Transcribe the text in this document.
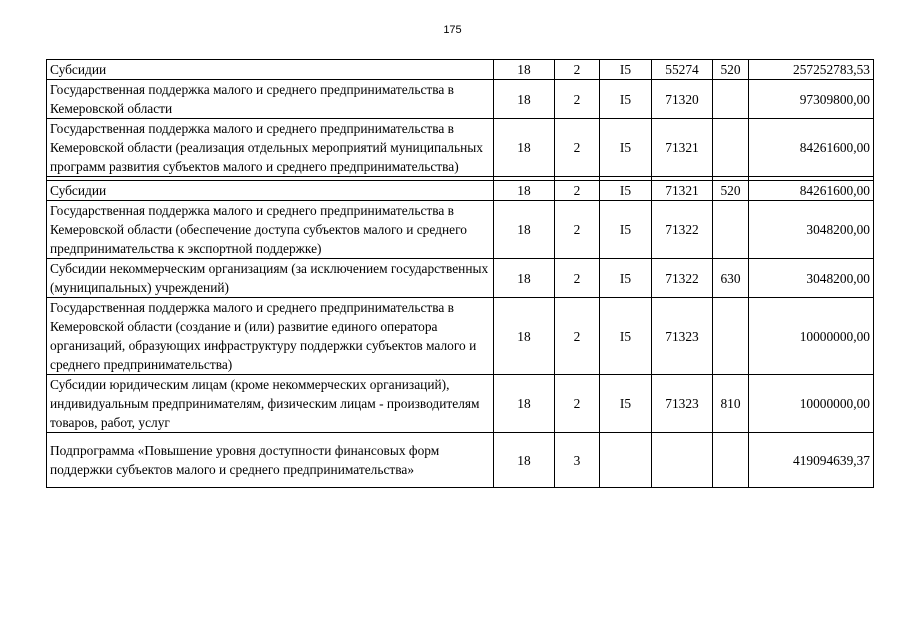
175
Субсидии	18	2	I5	55274	520	257252783,53
Государственная поддержка малого и среднего предпринимательства в Кемеровской области	18	2	I5	71320		97309800,00
Государственная поддержка малого и среднего предпринимательства в Кемеровской области (реализация отдельных мероприятий муниципальных программ развития субъектов малого и среднего предпринимательства)	18	2	I5	71321		84261600,00

Субсидии	18	2	I5	71321	520	84261600,00
Государственная поддержка малого и среднего предпринимательства в Кемеровской области (обеспечение доступа субъектов малого и среднего предпринимательства к экспортной поддержке)	18	2	I5	71322		3048200,00
Субсидии некоммерческим организациям (за исключением государственных (муниципальных) учреждений)	18	2	I5	71322	630	3048200,00
Государственная поддержка малого и среднего предпринимательства в Кемеровской области (создание и (или) развитие единого оператора организаций, образующих инфраструктуру поддержки субъектов малого и среднего предпринимательства)	18	2	I5	71323		10000000,00
Субсидии юридическим лицам (кроме некоммерческих организаций), индивидуальным предпринимателям, физическим лицам - производителям товаров, работ, услуг	18	2	I5	71323	810	10000000,00
Подпрограмма «Повышение уровня доступности финансовых форм поддержки субъектов малого и среднего предпринимательства»	18	3				419094639,37
